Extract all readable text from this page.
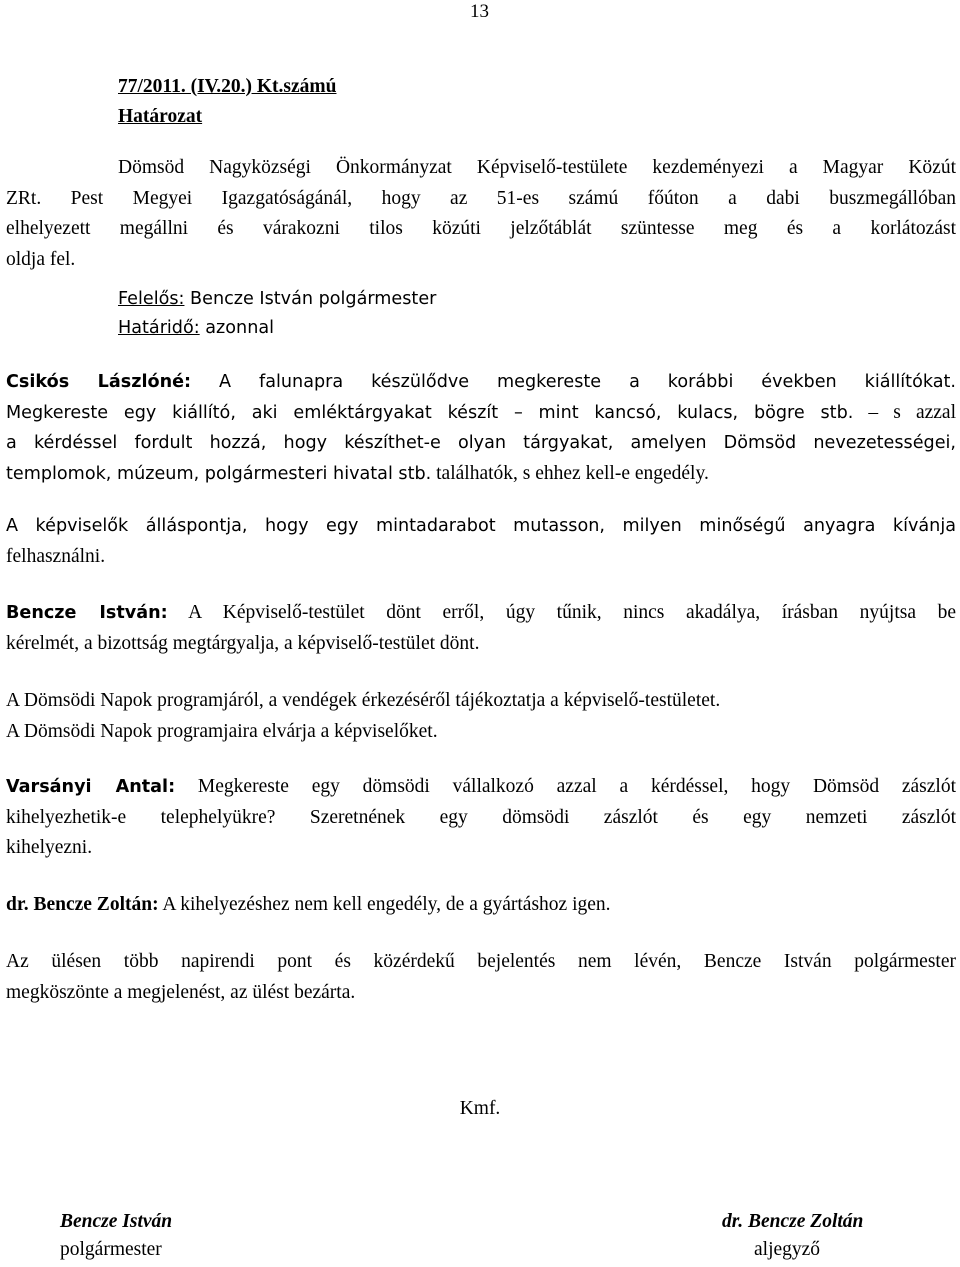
13
77/2011. (IV.20.) Kt.számú
Határozat
Dömsöd Nagyközségi Önkormányzat Képviselő-testülete kezdeményezi a Magyar Közút
ZRt. Pest Megyei Igazgatóságánál, hogy az 51-es számú főúton a dabi buszmegállóban
elhelyezett megállni és várakozni tilos közúti jelzőtáblát szüntesse meg és a korlátozást
oldja fel.
Felelős: Bencze István polgármester
Határidő: azonnal
Csikós Lászlóné: A falunapra készülődve megkereste a korábbi években kiállítókat.
Megkereste egy kiállító, aki emléktárgyakat készít – mint kancsó, kulacs, bögre stb. – s azzal
a kérdéssel fordult hozzá, hogy készíthet-e olyan tárgyakat, amelyen Dömsöd nevezetességei,
templomok, múzeum, polgármesteri hivatal stb. találhatók, s ehhez kell-e engedély.
A képviselők álláspontja, hogy egy mintadarabot mutasson, milyen minőségű anyagra kívánja
felhasználni.
Bencze István: A Képviselő-testület dönt erről, úgy tűnik, nincs akadálya, írásban nyújtsa be
kérelmét, a bizottság megtárgyalja, a képviselő-testület dönt.
A Dömsödi Napok programjáról, a vendégek érkezéséről tájékoztatja a képviselő-testületet.
A Dömsödi Napok programjaira elvárja a képviselőket.
Varsányi Antal: Megkereste egy dömsödi vállalkozó azzal a kérdéssel, hogy Dömsöd zászlót
kihelyezhetik-e telephelyükre? Szeretnének egy dömsödi zászlót és egy nemzeti zászlót
kihelyezni.
dr. Bencze Zoltán: A kihelyezéshez nem kell engedély, de a gyártáshoz igen.
Az ülésen több napirendi pont és közérdekű bejelentés nem lévén, Bencze István polgármester
megköszönte a megjelenést, az ülést bezárta.
Kmf.
Bencze István
polgármester
dr. Bencze Zoltán
aljegyző
